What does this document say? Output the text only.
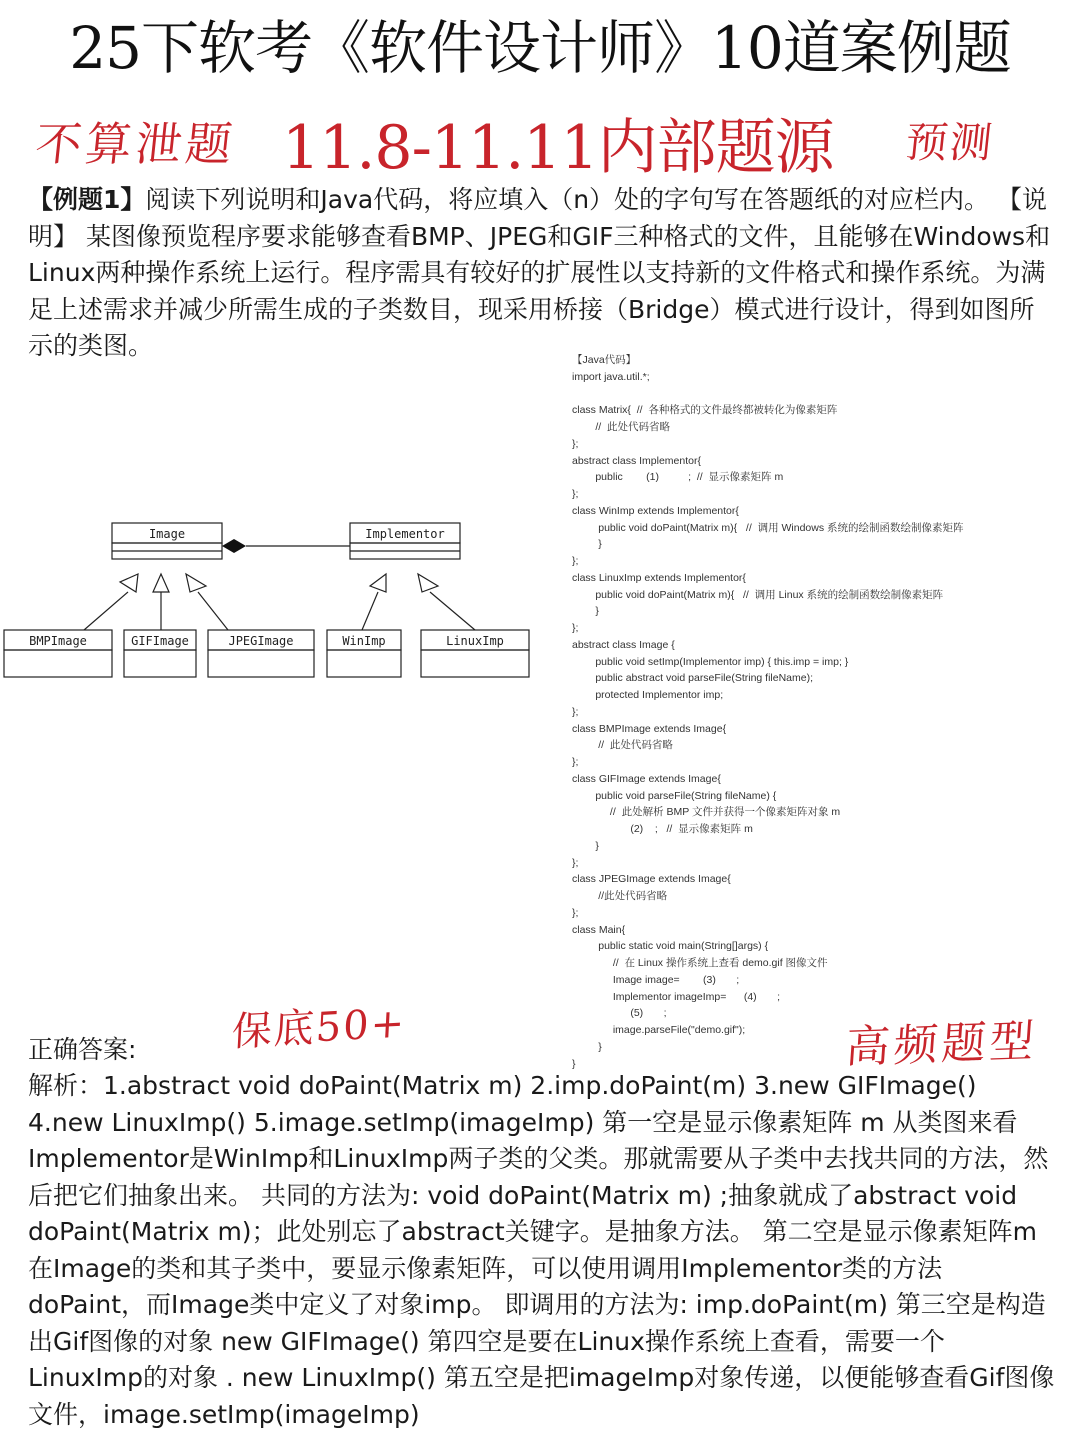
25下软考《软件设计师》10道案例题
不算泄题 11.8-11.11内部题源 预测

【例题1】阅读下列说明和Java代码，将应填入（n）处的字句写在答题纸的对应栏内。 【说明】 某图像预览程序要求能够查看BMP、JPEG和GIF三种格式的文件，且能够在Windows和Linux两种操作系统上运行。程序需具有较好的扩展性以支持新的文件格式和操作系统。为满足上述需求并减少所需生成的子类数目，现采用桥接（Bridge）模式进行设计，得到如图所示的类图。

Image	Implementor
BMPImage	GIFImage	JPEGImage	WinImp	LinuxImp
【Java代码】
import java.util.*;
class Matrix{  //  各种格式的文件最终都被转化为像素矩阵
//  此处代码省略
};
abstract class Implementor{
public        (1)          ;  //  显示像素矩阵 m
};
class WinImp extends Implementor{
public void doPaint(Matrix m){   //  调用 Windows 系统的绘制函数绘制像素矩阵
}
};
class LinuxImp extends Implementor{
public void doPaint(Matrix m){   //  调用 Linux 系统的绘制函数绘制像素矩阵
}
};
abstract class Image {
public void setImp(Implementor imp) { this.imp = imp; }
public abstract void parseFile(String fileName);
protected Implementor imp;
};
class BMPImage extends Image{
//  此处代码省略
};
class GIFImage extends Image{
public void parseFile(String fileName) {
//  此处解析 BMP 文件并获得一个像素矩阵对象 m
(2)    ;   //  显示像素矩阵 m
}
};
class JPEGImage extends Image{
//此处代码省略
};
class Main{
public static void main(String[]args) {
//  在 Linux 操作系统上查看 demo.gif 图像文件
Image image=        (3)       ;
Implementor imageImp=      (4)       ;
(5)       ;
image.parseFile("demo.gif");
}
}
保底50+	高频题型
正确答案:

解析：1.abstract void doPaint(Matrix m) 2.imp.doPaint(m) 3.new GIFImage() 4.new LinuxImp() 5.image.setImp(imageImp) 第一空是显示像素矩阵 m 从类图来看Implementor是WinImp和LinuxImp两子类的父类。那就需要从子类中去找共同的方法，然后把它们抽象出来。 共同的方法为: void doPaint(Matrix m) ;抽象就成了abstract void doPaint(Matrix m)；此处别忘了abstract关键字。是抽象方法。 第二空是显示像素矩阵m 在Image的类和其子类中，要显示像素矩阵，可以使用调用Implementor类的方法doPaint，而Image类中定义了对象imp。 即调用的方法为: imp.doPaint(m) 第三空是构造出Gif图像的对象 new GIFImage() 第四空是要在Linux操作系统上查看，需要一个LinuxImp的对象 . new LinuxImp() 第五空是把imageImp对象传递，以便能够查看Gif图像文件，image.setImp(imageImp)
